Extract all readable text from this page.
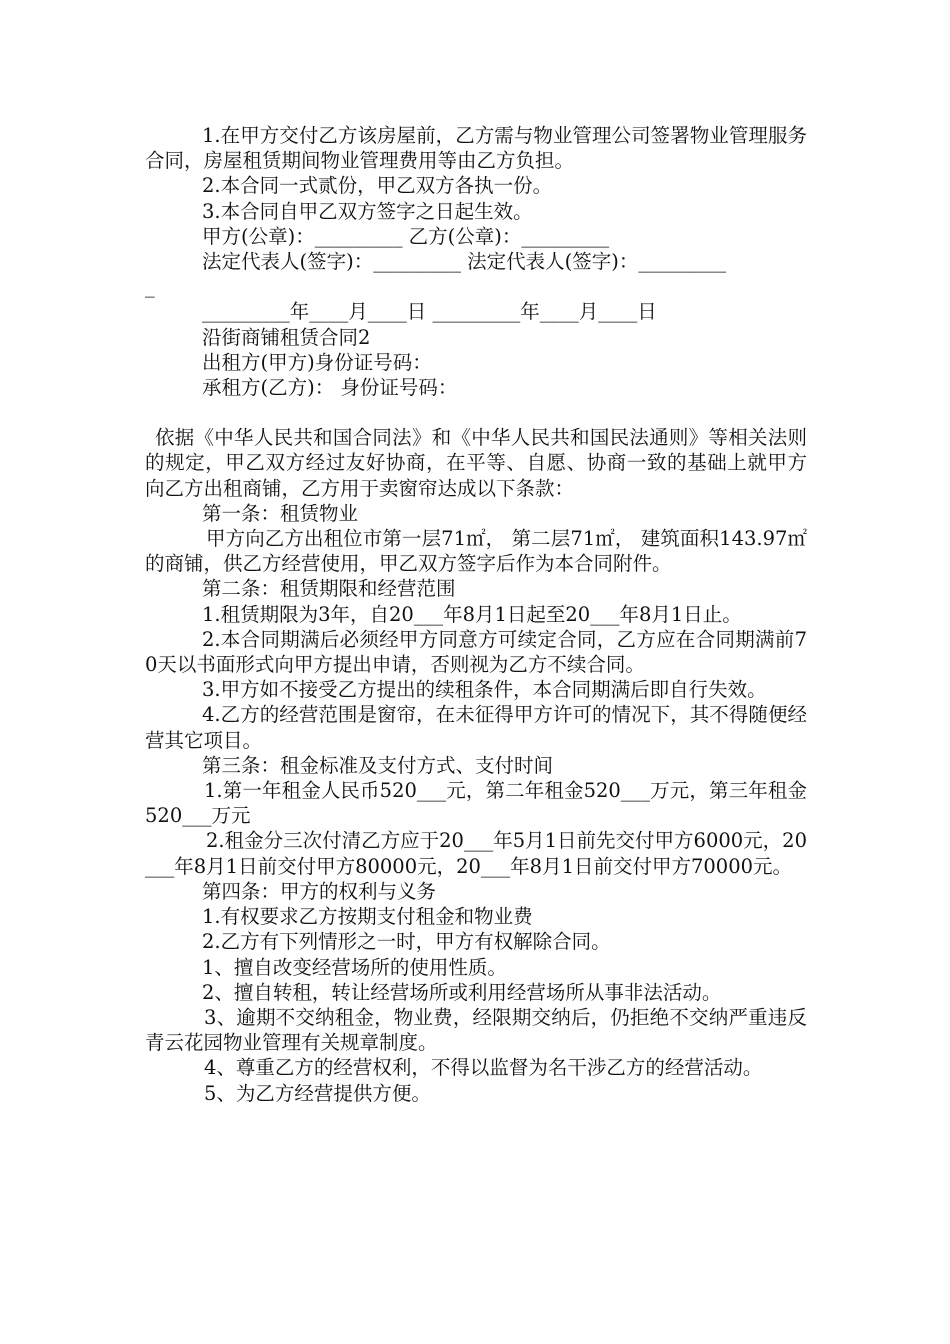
1.在甲方交付乙方该房屋前，乙方需与物业管理公司签署物业管理服务合同，房屋租赁期间物业管理费用等由乙方负担。

2.本合同一式贰份，甲乙双方各执一份。

3.本合同自甲乙双方签字之日起生效。

甲方(公章)：_________ 乙方(公章)：_________

法定代表人(签字)：_________ 法定代表人(签字)：_________

_

_________年____月____日 _________年____月____日

沿街商铺租赁合同2

出租方(甲方)身份证号码：

承租方(乙方)： 身份证号码：

依据《中华人民共和国合同法》和《中华人民共和国民法通则》等相关法则的规定，甲乙双方经过友好协商，在平等、自愿、协商一致的基础上就甲方向乙方出租商铺，乙方用于卖窗帘达成以下条款：

第一条：租赁物业

甲方向乙方出租位市第一层71㎡， 第二层71㎡， 建筑面积143.97㎡的商铺，供乙方经营使用，甲乙双方签字后作为本合同附件。

第二条：租赁期限和经营范围

1.租赁期限为3年，自20___年8月1日起至20___年8月1日止。

2.本合同期满后必须经甲方同意方可续定合同，乙方应在合同期满前70天以书面形式向甲方提出申请，否则视为乙方不续合同。

3.甲方如不接受乙方提出的续租条件，本合同期满后即自行失效。

4.乙方的经营范围是窗帘，在未征得甲方许可的情况下，其不得随便经营其它项目。

第三条：租金标准及支付方式、支付时间

1.第一年租金人民币520___元，第二年租金520___万元，第三年租金520___万元

2.租金分三次付清乙方应于20___年5月1日前先交付甲方6000元，20___年8月1日前交付甲方80000元，20___年8月1日前交付甲方70000元。

第四条：甲方的权利与义务

1.有权要求乙方按期支付租金和物业费

2.乙方有下列情形之一时，甲方有权解除合同。

1、擅自改变经营场所的使用性质。

2、擅自转租，转让经营场所或利用经营场所从事非法活动。

3、逾期不交纳租金，物业费，经限期交纳后，仍拒绝不交纳严重违反青云花园物业管理有关规章制度。

4、尊重乙方的经营权利，不得以监督为名干涉乙方的经营活动。

5、为乙方经营提供方便。
